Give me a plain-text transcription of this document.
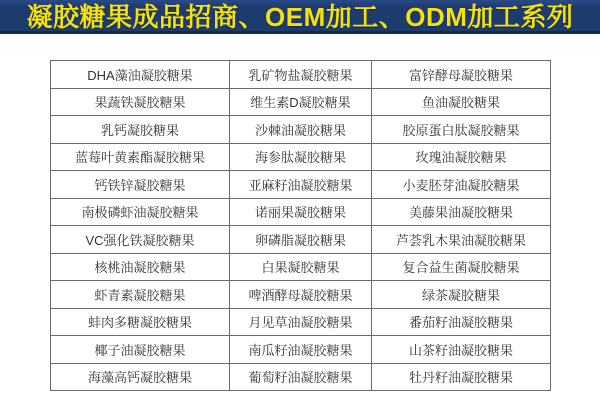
凝胶糖果成品招商、OEM加工、ODM加工系列
DHA藻油凝胶糖果	乳矿物盐凝胶糖果	富锌酵母凝胶糖果
果蔬铁凝胶糖果	维生素D凝胶糖果	鱼油凝胶糖果
乳钙凝胶糖果	沙棘油凝胶糖果	胶原蛋白肽凝胶糖果
蓝莓叶黄素酯凝胶糖果	海参肽凝胶糖果	玫瑰油凝胶糖果
钙铁锌凝胶糖果	亚麻籽油凝胶糖果	小麦胚芽油凝胶糖果
南极磷虾油凝胶糖果	诺丽果凝胶糖果	美藤果油凝胶糖果
VC强化铁凝胶糖果	卵磷脂凝胶糖果	芦荟乳木果油凝胶糖果
核桃油凝胶糖果	白果凝胶糖果	复合益生菌凝胶糖果
虾青素凝胶糖果	啤酒酵母凝胶糖果	绿茶凝胶糖果
蚌肉多糖凝胶糖果	月见草油凝胶糖果	番茄籽油凝胶糖果
椰子油凝胶糖果	南瓜籽油凝胶糖果	山茶籽油凝胶糖果
海藻高钙凝胶糖果	葡萄籽油凝胶糖果	牡丹籽油凝胶糖果
